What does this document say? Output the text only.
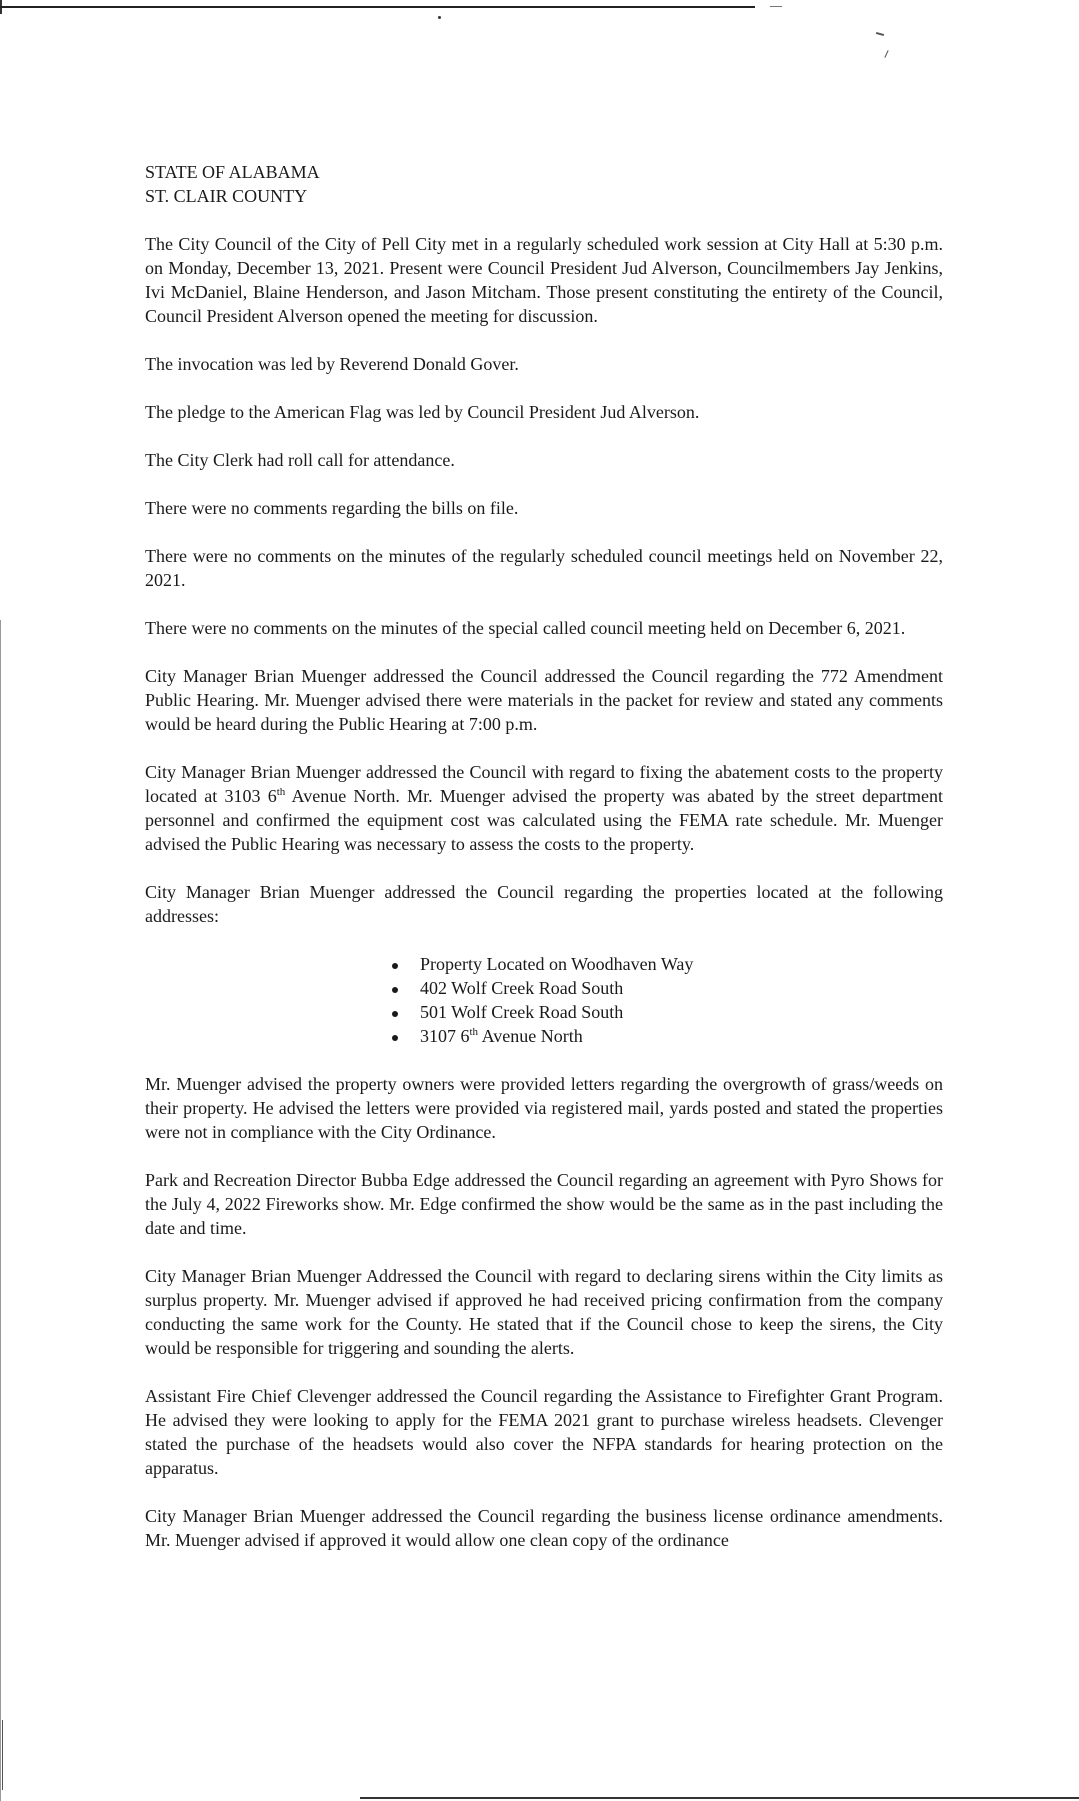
STATE OF ALABAMA

ST. CLAIR COUNTY

The City Council of the City of Pell City met in a regularly scheduled work session at City Hall at 5:30 p.m. on Monday, December 13, 2021. Present were Council President Jud Alverson, Councilmembers Jay Jenkins, Ivi McDaniel, Blaine Henderson, and Jason Mitcham. Those present constituting the entirety of the Council, Council President Alverson opened the meeting for discussion.

The invocation was led by Reverend Donald Gover.

The pledge to the American Flag was led by Council President Jud Alverson.

The City Clerk had roll call for attendance.

There were no comments regarding the bills on file.

There were no comments on the minutes of the regularly scheduled council meetings held on November 22, 2021.

There were no comments on the minutes of the special called council meeting held on December 6, 2021.

City Manager Brian Muenger addressed the Council addressed the Council regarding the 772 Amendment Public Hearing. Mr. Muenger advised there were materials in the packet for review and stated any comments would be heard during the Public Hearing at 7:00 p.m.

City Manager Brian Muenger addressed the Council with regard to fixing the abatement costs to the property located at 3103 6th Avenue North. Mr. Muenger advised the property was abated by the street department personnel and confirmed the equipment cost was calculated using the FEMA rate schedule. Mr. Muenger advised the Public Hearing was necessary to assess the costs to the property.

City Manager Brian Muenger addressed the Council regarding the properties located at the following addresses:

Property Located on Woodhaven Way
402 Wolf Creek Road South
501 Wolf Creek Road South
3107 6th Avenue North

Mr. Muenger advised the property owners were provided letters regarding the overgrowth of grass/weeds on their property. He advised the letters were provided via registered mail, yards posted and stated the properties were not in compliance with the City Ordinance.

Park and Recreation Director Bubba Edge addressed the Council regarding an agreement with Pyro Shows for the July 4, 2022 Fireworks show. Mr. Edge confirmed the show would be the same as in the past including the date and time.

City Manager Brian Muenger Addressed the Council with regard to declaring sirens within the City limits as surplus property. Mr. Muenger advised if approved he had received pricing confirmation from the company conducting the same work for the County. He stated that if the Council chose to keep the sirens, the City would be responsible for triggering and sounding the alerts.

Assistant Fire Chief Clevenger addressed the Council regarding the Assistance to Firefighter Grant Program. He advised they were looking to apply for the FEMA 2021 grant to purchase wireless headsets. Clevenger stated the purchase of the headsets would also cover the NFPA standards for hearing protection on the apparatus.

City Manager Brian Muenger addressed the Council regarding the business license ordinance amendments. Mr. Muenger advised if approved it would allow one clean copy of the ordinance
